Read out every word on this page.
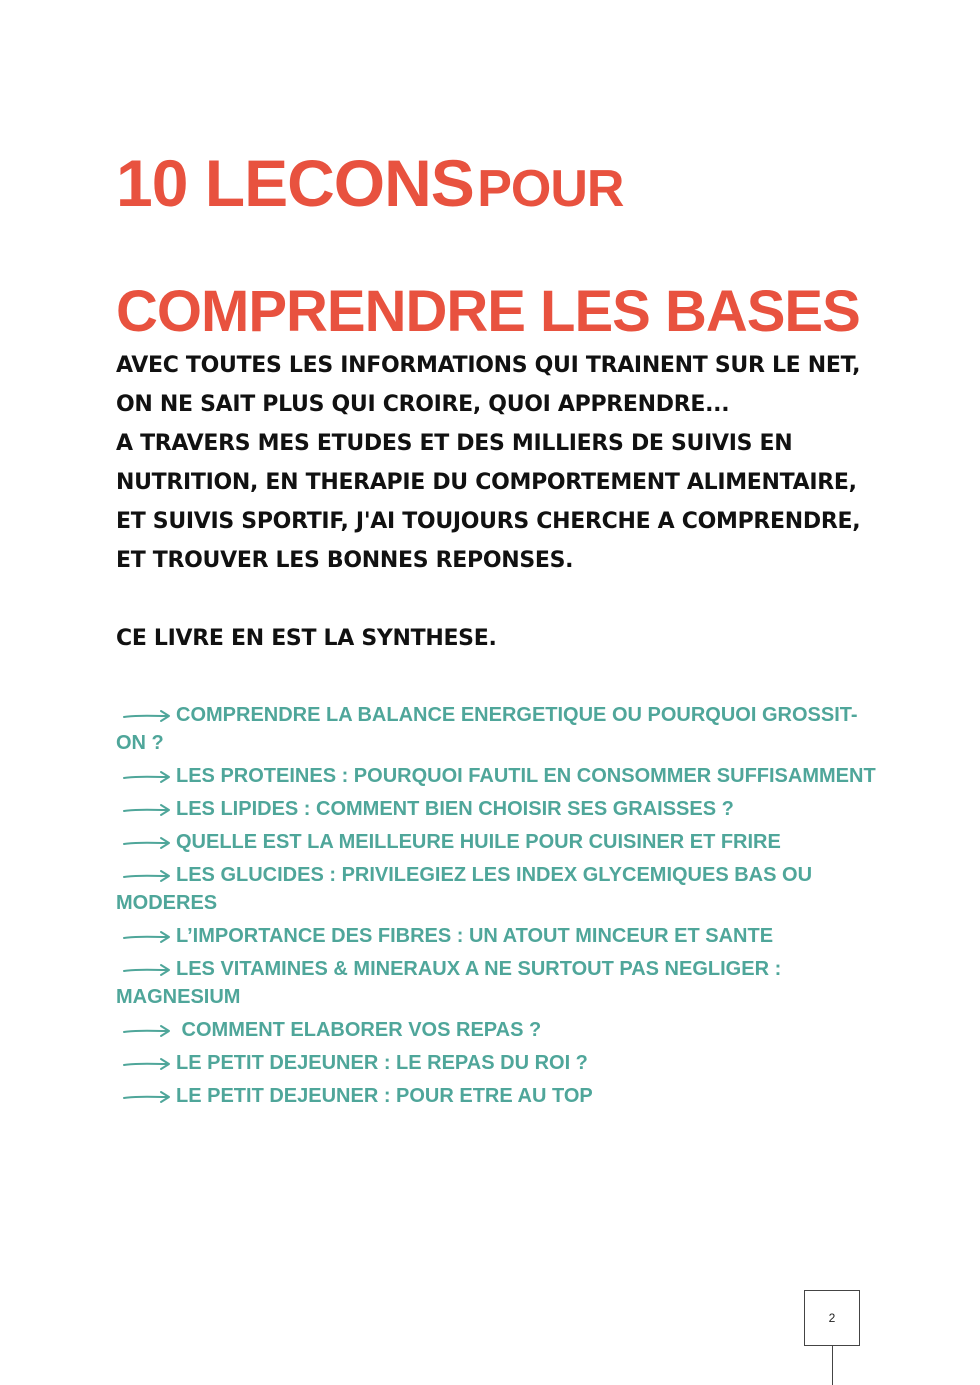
10 LECONS POUR
COMPRENDRE LES BASES
AVEC TOUTES LES INFORMATIONS QUI TRAINENT SUR LE NET, ON NE SAIT PLUS QUI CROIRE, QUOI APPRENDRE...
A TRAVERS MES ETUDES ET DES MILLIERS DE SUIVIS EN NUTRITION, EN THERAPIE DU COMPORTEMENT ALIMENTAIRE, ET SUIVIS SPORTIF, J'AI TOUJOURS CHERCHE A COMPRENDRE, ET TROUVER LES BONNES REPONSES.
CE LIVRE EN EST LA SYNTHESE.
COMPRENDRE LA BALANCE ENERGETIQUE OU POURQUOI GROSSIT-ON ?
LES PROTEINES : POURQUOI FAUTIL EN CONSOMMER SUFFISAMMENT
LES LIPIDES : COMMENT BIEN CHOISIR SES GRAISSES ?
QUELLE EST LA MEILLEURE HUILE POUR CUISINER ET FRIRE
LES GLUCIDES : PRIVILEGIEZ LES INDEX GLYCEMIQUES BAS OU MODERES
L’IMPORTANCE DES FIBRES : UN ATOUT MINCEUR ET SANTE
LES VITAMINES & MINERAUX A NE SURTOUT PAS NEGLIGER : MAGNESIUM
COMMENT ELABORER VOS REPAS ?
LE PETIT DEJEUNER : LE REPAS DU ROI ?
LE PETIT DEJEUNER : POUR ETRE AU TOP
2
